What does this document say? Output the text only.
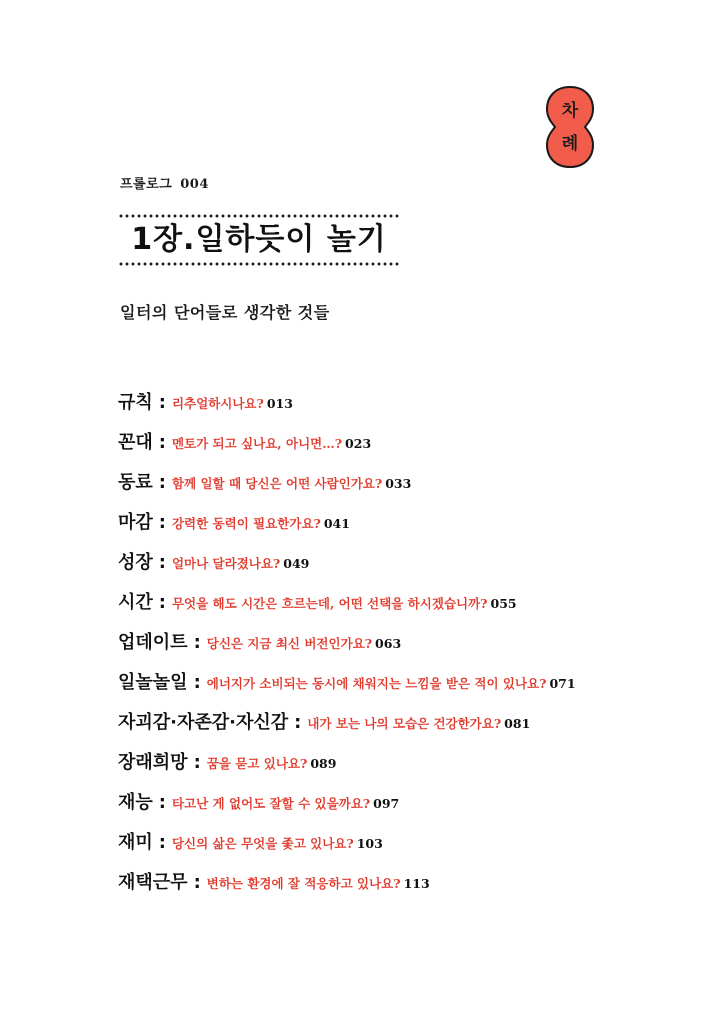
차
례
프롤로그 004
1장.일하듯이 놀기
일터의 단어들로 생각한 것들
규칙 : 리추얼하시나요? 013
꼰대 : 멘토가 되고 싶나요, 아니면…? 023
동료 : 함께 일할 때 당신은 어떤 사람인가요? 033
마감 : 강력한 동력이 필요한가요? 041
성장 : 얼마나 달라졌나요? 049
시간 : 무엇을 해도 시간은 흐르는데, 어떤 선택을 하시겠습니까? 055
업데이트 : 당신은 지금 최신 버전인가요? 063
일놀놀일 : 에너지가 소비되는 동시에 채워지는 느낌을 받은 적이 있나요? 071
자괴감·자존감·자신감 : 내가 보는 나의 모습은 건강한가요? 081
장래희망 : 꿈을 묻고 있나요? 089
재능 : 타고난 게 없어도 잘할 수 있을까요? 097
재미 : 당신의 삶은 무엇을 좇고 있나요? 103
재택근무 : 변하는 환경에 잘 적응하고 있나요? 113
